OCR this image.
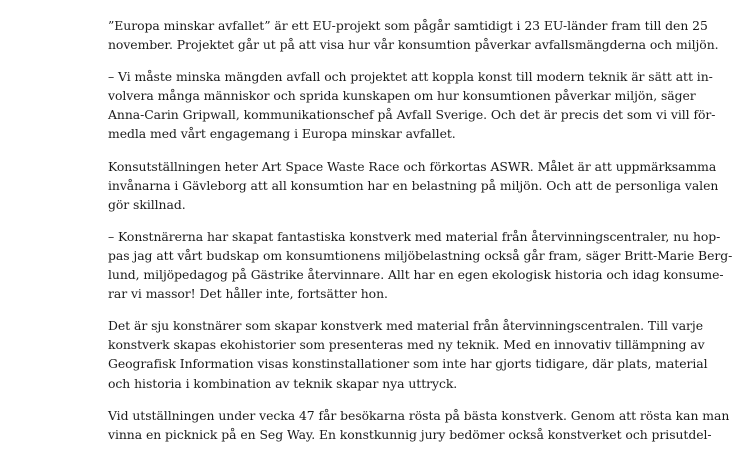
”Europa minskar avfallet” är ett EU-projekt som pågår samtidigt i 23 EU-länder fram till den 25
november. Projektet går ut på att visa hur vår konsumtion påverkar avfallsmängderna och miljön.

– Vi måste minska mängden avfall och projektet att koppla konst till modern teknik är sätt att in-
volvera många människor och sprida kunskapen om hur konsumtionen påverkar miljön, säger
Anna-Carin Gripwall, kommunikationschef på Avfall Sverige. Och det är precis det som vi vill för-
medla med vårt engagemang i Europa minskar avfallet.

Konsutställningen heter Art Space Waste Race och förkortas ASWR. Målet är att uppmärksamma
invånarna i Gävleborg att all konsumtion har en belastning på miljön. Och att de personliga valen
gör skillnad.

– Konstnärerna har skapat fantastiska konstverk med material från återvinningscentraler, nu hop-
pas jag att vårt budskap om konsumtionens miljöbelastning också går fram, säger Britt-Marie Berg-
lund, miljöpedagog på Gästrike återvinnare. Allt har en egen ekologisk historia och idag konsume-
rar vi massor! Det håller inte, fortsätter hon.

Det är sju konstnärer som skapar konstverk med material från återvinningscentralen. Till varje
konstverk skapas ekohistorier som presenteras med ny teknik. Med en innovativ tillämpning av
Geografisk Information visas konstinstallationer som inte har gjorts tidigare, där plats, material
och historia i kombination av teknik skapar nya uttryck.

Vid utställningen under vecka 47 får besökarna rösta på bästa konstverk. Genom att rösta kan man
vinna en picknick på en Seg Way. En konstkunnig jury bedömer också konstverket och prisutdel-
